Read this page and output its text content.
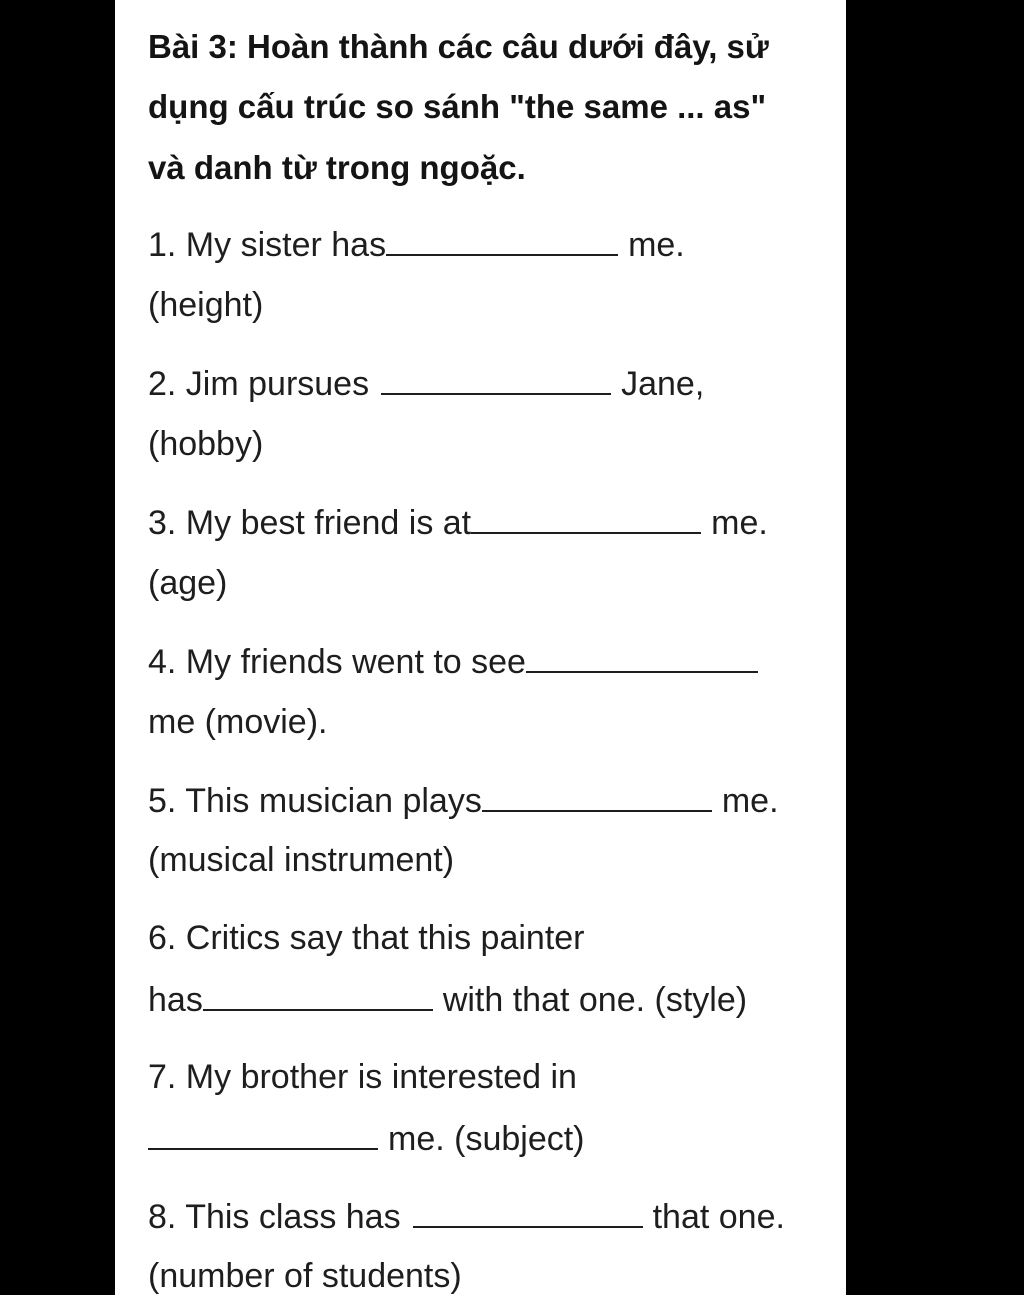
Bài 3: Hoàn thành các câu dưới đây, sử
dụng cấu trúc so sánh "the same ... as"
và danh từ trong ngoặc.
1. My sister has	me.
(height)
2. Jim pursues	Jane,
(hobby)
3. My best friend is at	me.
(age)
4. My friends went to see
me (movie).
5. This musician plays	me.
(musical instrument)
6. Critics say that this painter
has	with that one. (style)
7. My brother is interested in
me. (subject)
8. This class has	that one.
(number of students)
